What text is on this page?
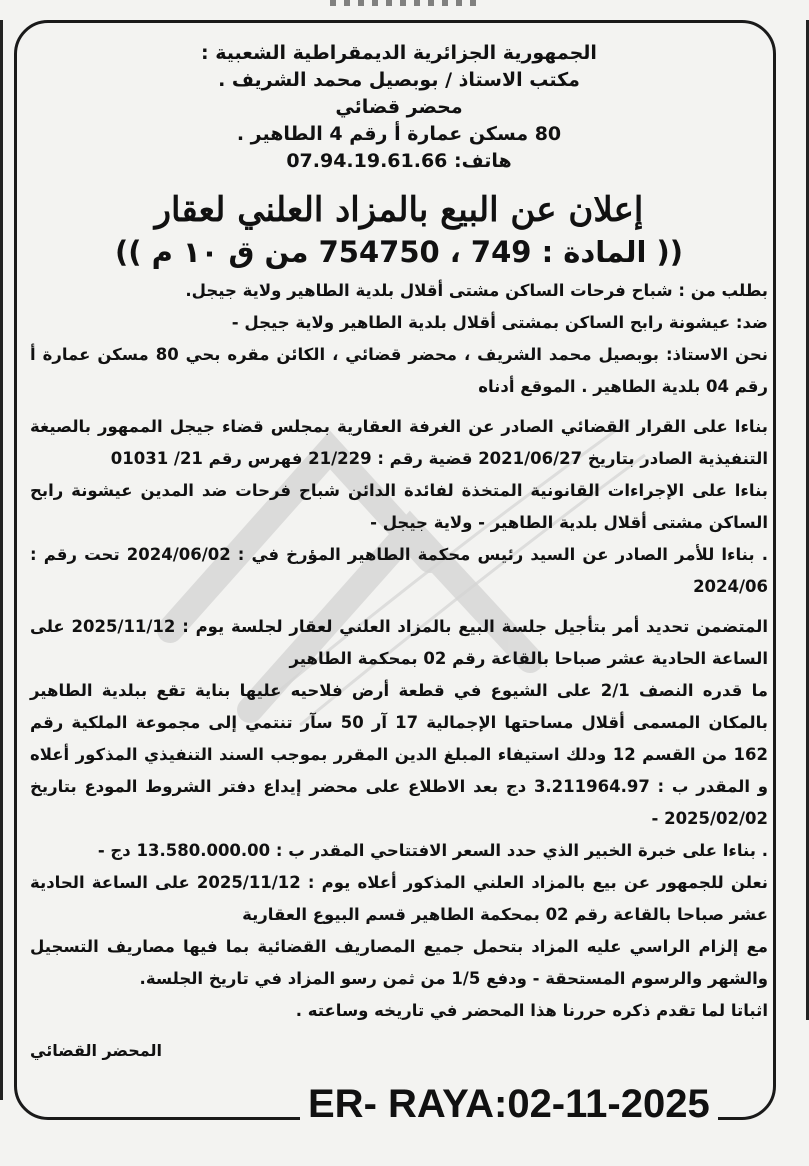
الجمهورية الجزائرية الديمقراطية الشعبية :

مكتب الاستاذ / بوبصيل محمد الشريف .

محضر قضائي

80 مسكن عمارة أ رقم 4 الطاهير .

هاتف: 07.94.19.61.66

إعلان عن البيع بالمزاد العلني لعقار
(( المادة : 749 ، 754750 من ق ١٠ م ))

بطلب من : شباح فرحات الساكن مشتى أقلال بلدية الطاهير ولاية جيجل.

ضد: عيشونة رابح الساكن بمشتى أقلال بلدية الطاهير ولاية جيجل -

نحن الاستاذ: بوبصيل محمد الشريف ، محضر قضائي ، الكائن مقره بحي 80 مسكن عمارة أ رقم 04 بلدية الطاهير . الموقع أدناه

بناءا على القرار القضائي الصادر عن الغرفة العقارية بمجلس قضاء جيجل الممهور بالصيغة التنفيذية الصادر بتاريخ 2021/06/27 قضية رقم : 21/229 فهرس رقم 21/ 01031

بناءا على الإجراءات القانونية المتخذة لفائدة الدائن شباح فرحات ضد المدين عيشونة رابح الساكن مشتى أقلال بلدية الطاهير - ولاية جيجل -

. بناءا للأمر الصادر عن السيد رئيس محكمة الطاهير المؤرخ في : 2024/06/02 تحت رقم : 2024/06

المتضمن تحديد أمر بتأجيل جلسة البيع بالمزاد العلني لعقار لجلسة يوم : 2025/11/12 على الساعة الحادية عشر صباحا بالقاعة رقم 02 بمحكمة الطاهير

ما قدره النصف 2/1 على الشيوع في قطعة أرض فلاحيه عليها بناية تقع ببلدية الطاهير بالمكان المسمى أقلال مساحتها الإجمالية 17 آر 50 سآر تنتمي إلى مجموعة الملكية رقم 162 من القسم 12 ودلك استيفاء المبلغ الدين المقرر بموجب السند التنفيذي المذكور أعلاه و المقدر ب : 3.211964.97 دج بعد الاطلاع على محضر إيداع دفتر الشروط المودع بتاريخ 2025/02/02 -

. بناءا على خبرة الخبير الذي حدد السعر الافتتاحي المقدر ب : 13.580.000.00 دج -

نعلن للجمهور عن بيع بالمزاد العلني المذكور أعلاه يوم : 2025/11/12 على الساعة الحادية عشر صباحا بالقاعة رقم 02 بمحكمة الطاهير قسم البيوع العقارية

مع إلزام الراسي عليه المزاد بتحمل جميع المصاريف القضائية بما فيها مصاريف التسجيل والشهر والرسوم المستحقة - ودفع 1/5 من ثمن رسو المزاد في تاريخ الجلسة.

اثباتا لما تقدم ذكره حررنا هذا المحضر في تاريخه وساعته .

المحضر القضائي
ER- RAYA:02-11-2025
